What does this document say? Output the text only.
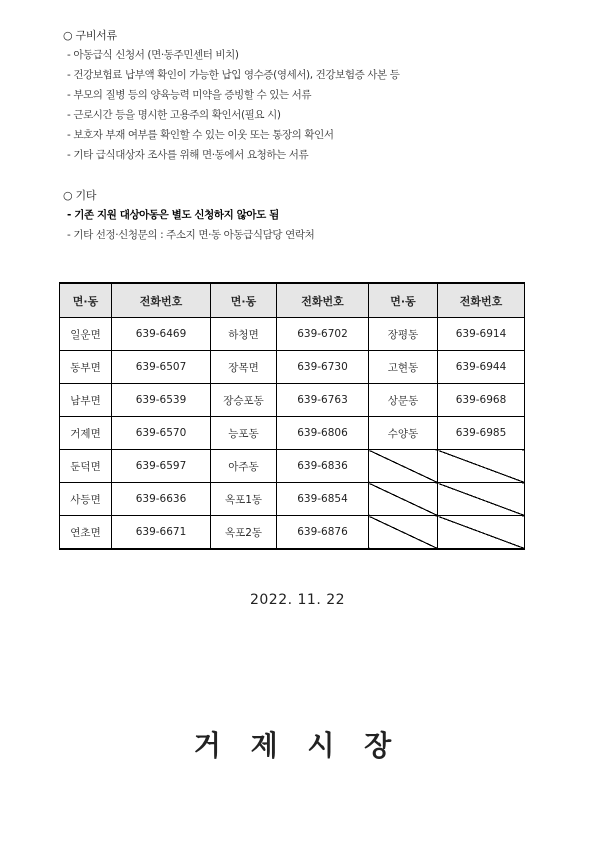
○ 구비서류
- 아동급식 신청서 (면·동주민센터 비치)
- 건강보험료 납부액 확인이 가능한 납입 영수증(영세서), 건강보험증 사본 등
- 부모의 질병 등의 양육능력 미약을 증빙할 수 있는 서류
- 근로시간 등을 명시한 고용주의 확인서(필요 시)
- 보호자 부재 여부를 확인할 수 있는 이웃 또는 통장의 확인서
- 기타 급식대상자 조사를 위해 면·동에서 요청하는 서류
○ 기타
- 기존 지원 대상아동은 별도 신청하지 않아도 됨
- 기타 선정·신청문의 : 주소지 면·동 아동급식담당 연락처
면·동	전화번호	면·동	전화번호	면·동	전화번호
일운면	639-6469	하청면	639-6702	장평동	639-6914
동부면	639-6507	장목면	639-6730	고현동	639-6944
남부면	639-6539	장승포동	639-6763	상문동	639-6968
거제면	639-6570	능포동	639-6806	수양동	639-6985
둔덕면	639-6597	아주동	639-6836		
사등면	639-6636	옥포1동	639-6854		
연초면	639-6671	옥포2동	639-6876		
2022. 11. 22
거 제 시 장
